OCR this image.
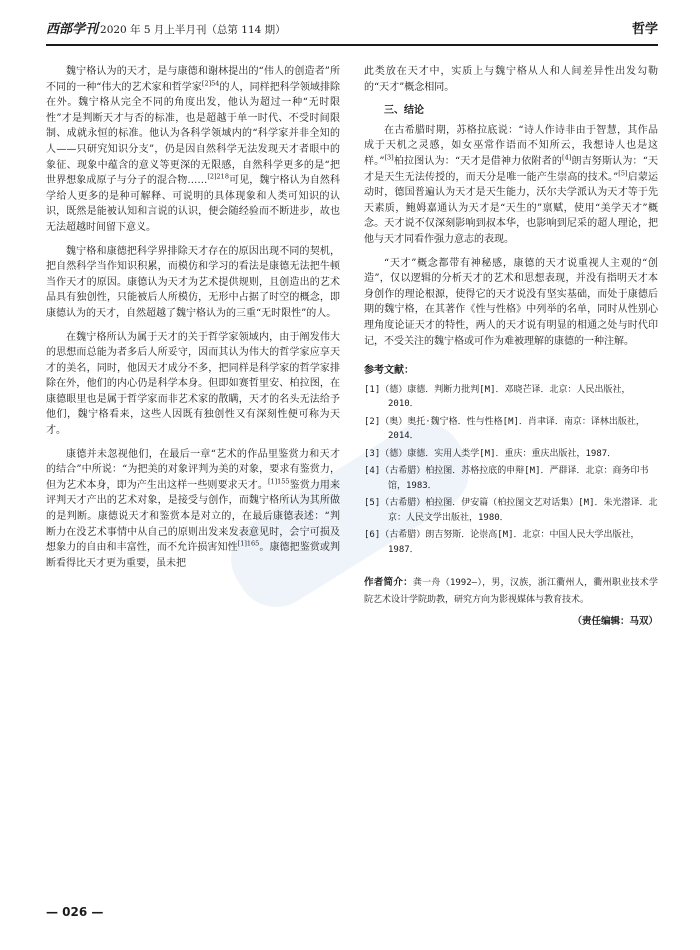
西部学刊 2020 年 5 月上半月刊（总第 114 期）	哲学

魏宁格认为的天才，是与康德和谢林提出的“伟人的创造者”所不同的一种“伟大的艺术家和哲学家$^{[2]54}$的人，同样把科学领域排除在外。魏宁格从完全不同的角度出发，他认为超过一种“无时限性”才是判断天才与否的标准，也是超越于单一时代、不受时间限制、成就永恒的标准。他认为各科学领域内的“科学家并非全知的人——只研究知识分支”，仍是因自然科学无法发现天才者眼中的象征、现象中蕴含的意义等更深的无限感，自然科学更多的是“把世界想象成原子与分子的混合物……$^{[2]218}$可见，魏宁格认为自然科学给人更多的是种可解释、可说明的具体现象和人类可知识的认识，既然是能被认知和言说的认识，便会随经验而不断进步，故也无法超越时间留下意义。

魏宁格和康德把科学界排除天才存在的原因出现不同的契机，把自然科学当作知识积累，而模仿和学习的看法是康德无法把牛顿当作天才的原因。康德认为天才为艺术提供规则，且创造出的艺术品具有独创性，只能被后人所模仿，无形中占据了时空的概念，即康德认为的天才，自然超越了魏宁格认为的三重“无时限性”的人。

在魏宁格所认为属于天才的关于哲学家领域内，由于阐发伟大的思想而总能为者多后人所妥守，因而其认为伟大的哲学家应享天才的美名，同时，他因天才成分不多，把同样是科学家的哲学家排除在外，他们的内心仍是科学本身。但即如赛哲里安、柏拉图，在康德眼里也是属于哲学家而非艺术家的散瞒，天才的名头无法给予他们，魏宁格看来，这些人因既有独创性又有深刻性便可称为天才。

康德并未忽视他们，在最后一章“艺术的作品里鉴赏力和天才的结合”中所说：“为把美的对象评判为美的对象，要求有鉴赏力，但为艺术本身，即为产生出这样一些则要求天才。$^{[1]155}$鉴赏力用来评判天才产出的艺术对象，是接受与创作，而魏宁格所认为其所做的是判断。康德说天才和鉴赏本是对立的，在最后康德表述：“判断力在没艺术事情中从自己的原则出发来发表意见时，会宁可损及想象力的自由和丰富性，而不允许损害知性$^{[1]165}$。康德把鉴赏或判断看得比天才更为重要，虽未把

此类放在天才中，实质上与魏宁格从人和人间差异性出发勾勒的“天才”概念相同。

三、结论

在古希腊时期，苏格拉底说：“诗人作诗非由于智慧，其作品成于天机之灵感，如女巫常作语而不知所云，我想诗人也是这样。”[3]柏拉图认为：“天才是借神力依附者的[4]朗吉努斯认为：“天才是天生无法传授的，而天分是唯一能产生崇高的技术。”[5]启蒙运动时，德国普遍认为天才是天生能力，沃尔夫学派认为天才等于先天素质，鲍姆嘉通认为天才是“天生的”禀赋，使用“美学天才”概念。天才说不仅深刻影响到叔本华，也影响到尼采的超人理论，把他与天才同看作强力意志的表现。

“天才”概念都带有神秘感，康德的天才说重视人主观的“创造”，仅以逻辑的分析天才的艺术和思想表现，并没有指明天才本身创作的理论根源，使得它的天才说没有坚实基础，而处于康德后期的魏宁格，在其著作《性与性格》中列举的名单，同时从性别心理角度论证天才的特性，两人的天才说有明显的相通之处与时代印记，不受关注的魏宁格或可作为难被理解的康德的一种注解。

参考文献：
[1]（德）康德．判断力批判[M]．邓晓芒译．北京：人民出版社，2010．
[2]（奥）奥托·魏宁格．性与性格[M]．肖聿译．南京：译林出版社，2014．
[3]（德）康德．实用人类学[M]．重庆：重庆出版社，1987．
[4]（古希腊）柏拉图．苏格拉底的申辩[M]．严群译．北京：商务印书馆，1983．
[5]（古希腊）柏拉图．伊安篇（柏拉图文艺对话集）[M]．朱光潜译．北京：人民文学出版社，1980．
[6]（古希腊）朗吉努斯．论崇高[M]．北京：中国人民大学出版社，1987．
作者简介：龚一舟（1992—），男，汉族，浙江衢州人，衢州职业技术学院艺术设计学院助教，研究方向为影视媒体与教育技术。
（责任编辑：马双）
— 026 —
